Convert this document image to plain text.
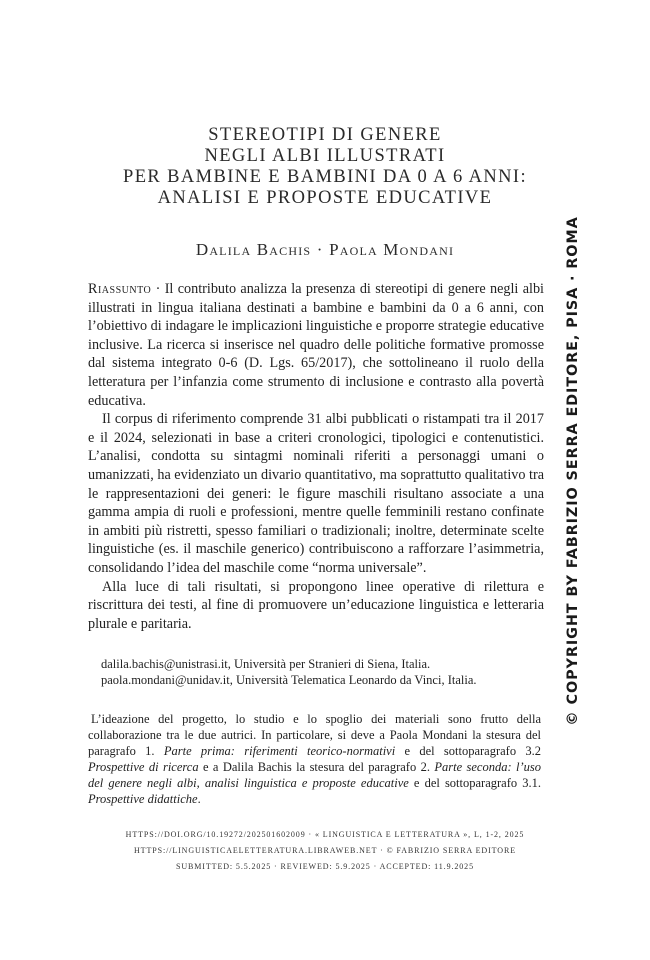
STEREOTIPI DI GENERE
NEGLI ALBI ILLUSTRATI
PER BAMBINE E BAMBINI DA 0 A 6 ANNI:
ANALISI E PROPOSTE EDUCATIVE
Dalila Bachis · Paola Mondani

Riassunto · Il contributo analizza la presenza di stereotipi di genere negli albi illustrati in lingua italiana destinati a bambine e bambini da 0 a 6 anni, con l’obiettivo di indagare le implicazioni linguistiche e proporre strategie educative inclusive. La ricerca si inserisce nel quadro delle politiche formative promosse dal sistema integrato 0-6 (D. Lgs. 65/2017), che sottolineano il ruolo della letteratura per l’infanzia come strumento di inclusione e contrasto alla povertà educativa.

Il corpus di riferimento comprende 31 albi pubblicati o ristampati tra il 2017 e il 2024, selezionati in base a criteri cronologici, tipologici e contenutistici. L’analisi, condotta su sintagmi nominali riferiti a personaggi umani o umanizzati, ha evidenziato un divario quantitativo, ma soprattutto qualitativo tra le rappresentazioni dei generi: le figure maschili risultano associate a una gamma ampia di ruoli e professioni, mentre quelle femminili restano confinate in ambiti più ristretti, spesso familiari o tradizionali; inoltre, determinate scelte linguistiche (es. il maschile generico) contribuiscono a rafforzare l’asimmetria, consolidando l’idea del maschile come “norma universale”.

Alla luce di tali risultati, si propongono linee operative di rilettura e riscrittura dei testi, al fine di promuovere un’educazione linguistica e letteraria plurale e paritaria.

dalila.bachis@unistrasi.it, Università per Stranieri di Siena, Italia.

paola.mondani@unidav.it, Università Telematica Leonardo da Vinci, Italia.

L’ideazione del progetto, lo studio e lo spoglio dei materiali sono frutto della collaborazione tra le due autrici. In particolare, si deve a Paola Mondani la stesura del paragrafo 1. Parte prima: riferimenti teorico-normativi e del sottoparagrafo 3.2 Prospettive di ricerca e a Dalila Bachis la stesura del paragrafo 2. Parte seconda: l’uso del genere negli albi, analisi linguistica e proposte educative e del sottoparagrafo 3.1. Prospettive didattiche.

HTTPS://DOI.ORG/10.19272/202501602009 · « LINGUISTICA E LETTERATURA », L, 1-2, 2025
HTTPS://LINGUISTICAELETTERATURA.LIBRAWEB.NET · © FABRIZIO SERRA EDITORE
SUBMITTED: 5.5.2025 · REVIEWED: 5.9.2025 · ACCEPTED: 11.9.2025
© COPYRIGHT BY FABRIZIO SERRA EDITORE, PISA · ROMA
